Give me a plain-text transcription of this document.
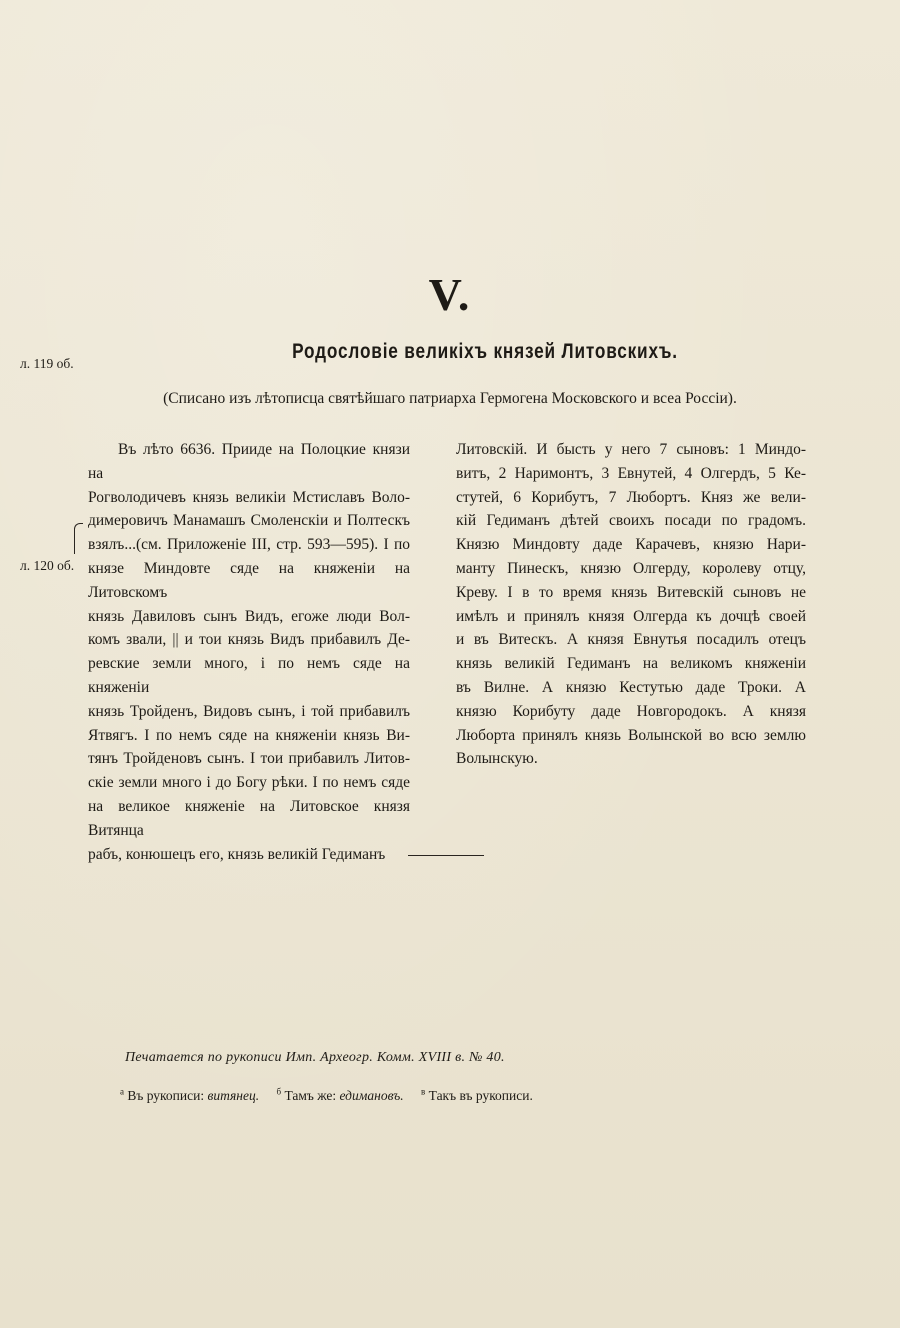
V.
л. 119 об.
Родословіе великіхъ князей Литовскихъ.
(Списано изъ лѣтописца святѣйшаго патриарха Гермогена Московского и всеа Россіи).
л. 120 об.
Въ лѣто 6636. Прииде на Полоцкие князи на
Рогволодичевъ князь великіи Мстиславъ Воло-
димеровичъ Манамашъ Смоленскіи и Полтескъ
взялъ...(см. Приложеніе III, стр. 593—595). I по
князе Миндовте сяде на княженіи на Литовскомъ
князь Давиловъ сынъ Видъ, егоже люди Вол-
комъ звали, || и тои князь Видъ прибавилъ Де-
ревские земли много, і по немъ сяде на княженіи
князь Тройденъ, Видовъ сынъ, і той прибавилъ
Ятвягъ. I по немъ сяде на княженіи князь Ви-
тянъ Тройденовъ сынъ. I тои прибавилъ Литов-
скіе земли много і до Богу рѣки. I по немъ сяде
на великое княженіе на Литовское князя Витянца
рабъ, конюшецъ его, князь великій Гедиманъ
Литовскій. И бысть у него 7 сыновъ: 1 Миндо-
витъ, 2 Наримонтъ, 3 Евнутей, 4 Олгердъ, 5 Ке-
стутей, 6 Корибутъ, 7 Любортъ. Княз же вели-
кій Гедиманъ дѣтей своихъ посади по градомъ.
Князю Миндовту даде Карачевъ, князю Нари-
манту Пинескъ, князю Олгерду, королеву отцу,
Креву. I в то время князь Витевскій сыновъ не
имѣлъ и принялъ князя Олгерда къ дочцѣ своей
и въ Витескъ. А князя Евнутья посадилъ отецъ
князь великій Гедиманъ на великомъ княженіи
въ Вилне. А князю Кестутью даде Троки. А
князю Корибуту даде Новгородокъ. А князя
Люборта принялъ князь Волынской во всю землю
Волынскую.
Печатается по рукописи Имп. Археогр. Комм. XVIII в. № 40.
$^а$ Въ рукописи: витянец. $^б$ Тамъ же: едимановъ. $^в$ Такъ въ рукописи.
